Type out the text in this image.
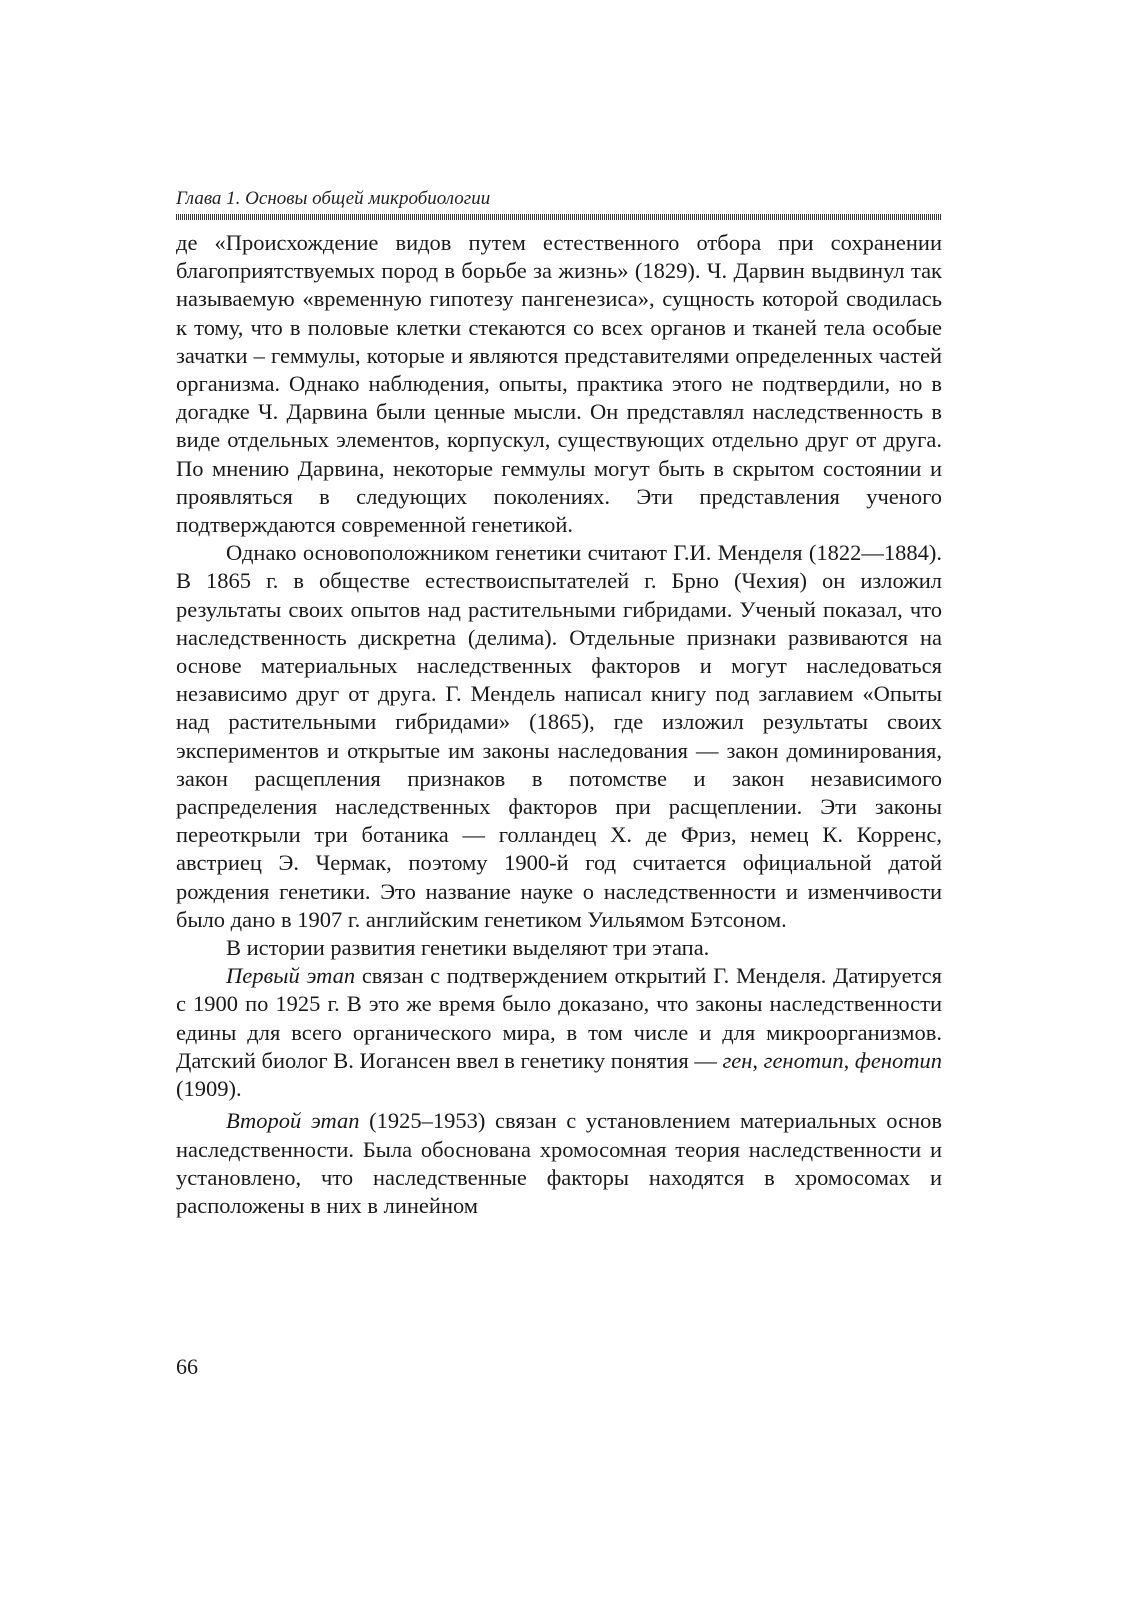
Глава 1. Основы общей микробиологии

де «Происхождение видов путем естественного отбора при сохранении благоприятствуемых пород в борьбе за жизнь» (1829). Ч. Дарвин выдвинул так называемую «временную гипотезу пангенезиса», сущность которой сводилась к тому, что в половые клетки стекаются со всех органов и тканей тела особые зачатки – геммулы, которые и являются представителями определенных частей организма. Однако наблюдения, опыты, практика этого не подтвердили, но в догадке Ч. Дарвина были ценные мысли. Он представлял наследственность в виде отдельных элементов, корпускул, существующих отдельно друг от друга. По мнению Дарвина, некоторые геммулы могут быть в скрытом состоянии и проявляться в следующих поколениях. Эти представления ученого подтверждаются современной генетикой.

Однако основоположником генетики считают Г.И. Менделя (1822—1884). В 1865 г. в обществе естествоиспытателей г. Брно (Чехия) он изложил результаты своих опытов над растительными гибридами. Ученый показал, что наследственность дискретна (делима). Отдельные признаки развиваются на основе материальных наследственных факторов и могут наследоваться независимо друг от друга. Г. Мендель написал книгу под заглавием «Опыты над растительными гибридами» (1865), где изложил результаты своих экспериментов и открытые им законы наследования — закон доминирования, закон расщепления признаков в потомстве и закон независимого распределения наследственных факторов при расщеплении. Эти законы переоткрыли три ботаника — голландец Х. де Фриз, немец К. Корренс, австриец Э. Чермак, поэтому 1900-й год считается официальной датой рождения генетики. Это название науке о наследственности и изменчивости было дано в 1907 г. английским генетиком Уильямом Бэтсоном.

В истории развития генетики выделяют три этапа.

Первый этап связан с подтверждением открытий Г. Менделя. Датируется с 1900 по 1925 г. В это же время было доказано, что законы наследственности едины для всего органического мира, в том числе и для микроорганизмов. Датский биолог В. Иогансен ввел в генетику понятия — ген, генотип, фенотип (1909).

Второй этап (1925–1953) связан с установлением материальных основ наследственности. Была обоснована хромосомная теория наследственности и установлено, что наследственные факторы находятся в хромосомах и расположены в них в линейном

66
